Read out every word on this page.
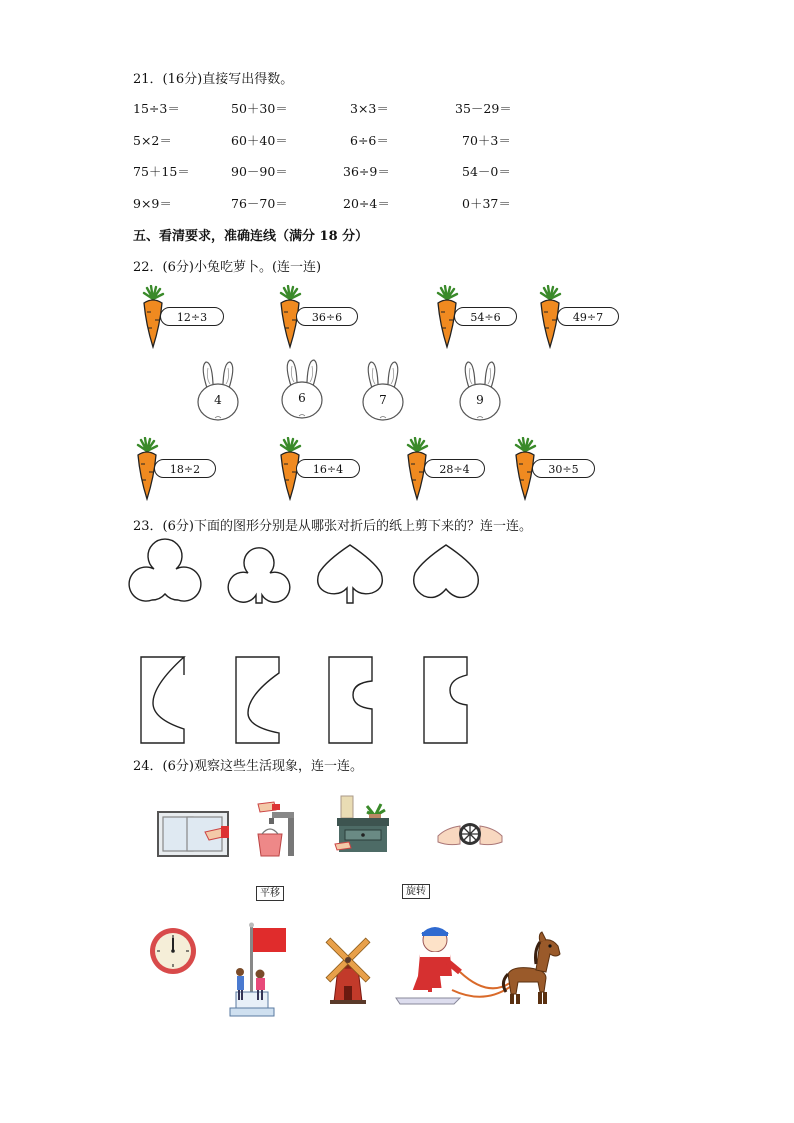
21．(16分)直接写出得数。
15÷3＝	50＋30＝	3×3＝	35－29＝
5×2＝	60＋40＝	6÷6＝	70＋3＝
75＋15＝	90－90＝	36÷9＝	54－0＝
9×9＝	76－70＝	20÷4＝	0＋37＝
五、看清要求，准确连线（满分 18 分）
22．(6分)小兔吃萝卜。(连一连)
12÷3	36÷6	54÷6	49÷7
4	6	7	9
18÷2	16÷4	28÷4	30÷5
23．(6分)下面的图形分别是从哪张对折后的纸上剪下来的？连一连。
24．(6分)观察这些生活现象，连一连。
平移	旋转
